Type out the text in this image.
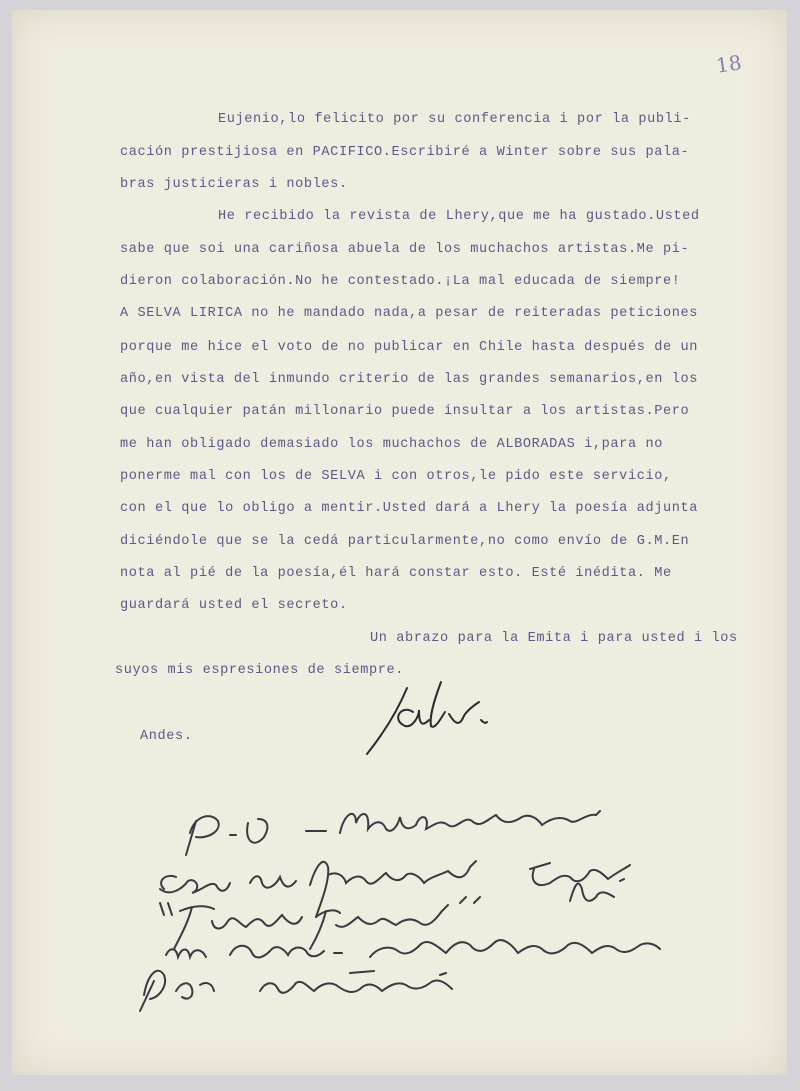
18
Eujenio,lo felicito por su conferencia i por la publi-
cación prestijiosa en PACIFICO.Escribiré a Winter sobre sus pala-
bras justicieras i nobles.
He recibido la revista de Lhery,que me ha gustado.Usted
sabe que soi una cariñosa abuela de los muchachos artistas.Me pi-
dieron colaboración.No he contestado.¡La mal educada de siempre!
A SELVA LIRICA no he mandado nada,a pesar de reiteradas peticiones
porque me hice el voto de no publicar en Chile hasta después de un
año,en vista del inmundo criterio de las grandes semanarios,en los
que cualquier patán millonario puede insultar a los artistas.Pero
me han obligado demasiado los muchachos de ALBORADAS i,para no
ponerme mal con los de SELVA i con otros,le pido este servicio,
con el que lo obligo a mentir.Usted dará a Lhery la poesía adjunta
diciéndole que se la cedá particularmente,no como envío de G.M.En
nota al pié de la poesía,él hará constar esto. Esté inédita. Me
guardará usted el secreto.
Un abrazo para la Emita i para usted i los
suyos mis espresiones de siempre.
Andes.
